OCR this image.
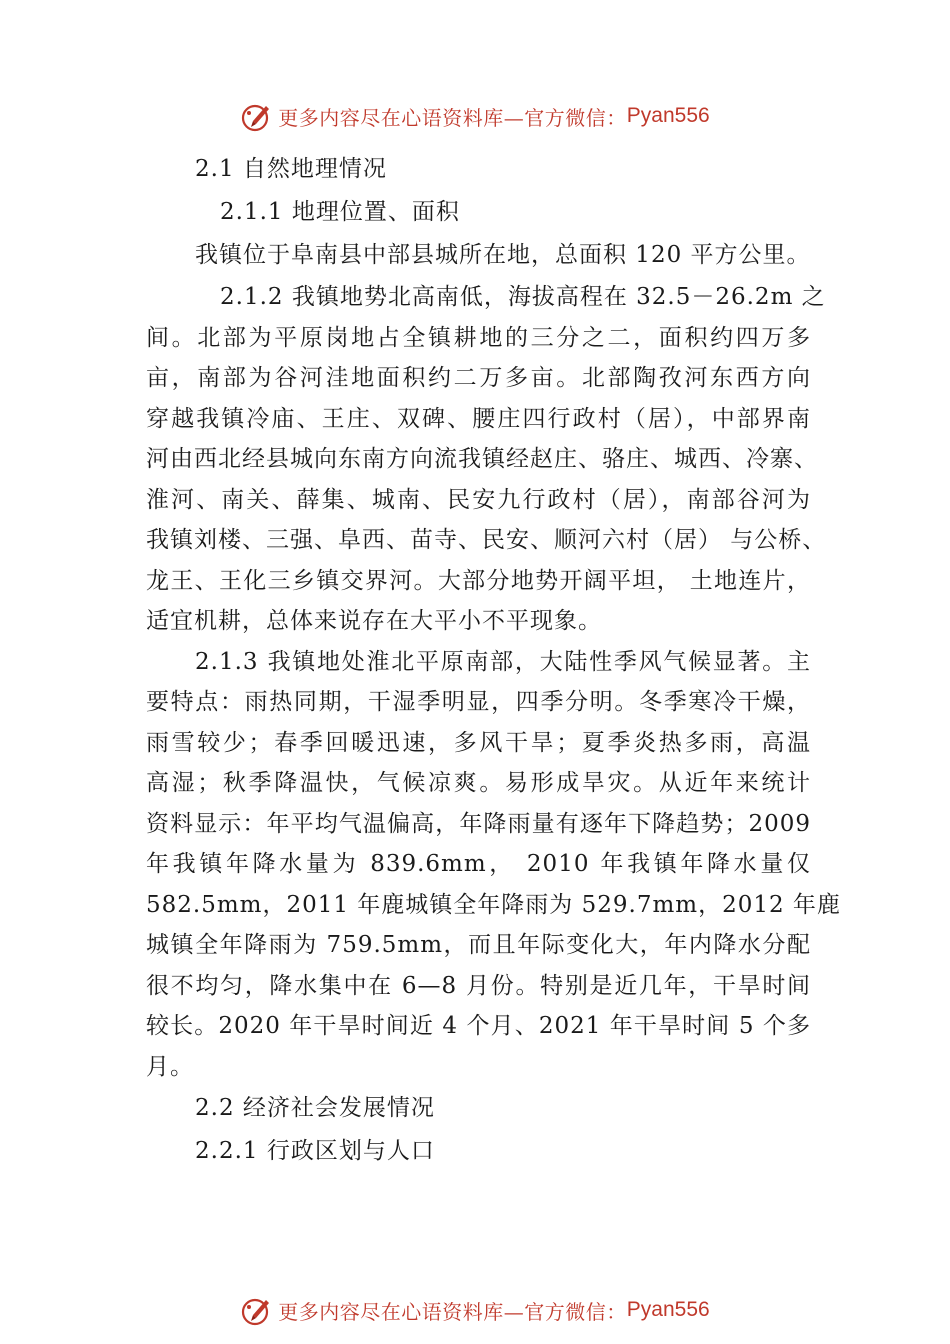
更多内容尽在心语资料库—官方微信： Pyan556
2.1 自然地理情况
2.1.1 地理位置、面积
我镇位于阜南县中部县城所在地，总面积 120 平方公里。
2.1.2 我镇地势北高南低，海拔高程在 32.5－26.2m 之
间。北部为平原岗地占全镇耕地的三分之二，面积约四万多
亩，南部为谷河洼地面积约二万多亩。北部陶孜河东西方向
穿越我镇冷庙、王庄、双碑、腰庄四行政村（居），中部界南
河由西北经县城向东南方向流我镇经赵庄、骆庄、城西、冷寨、
淮河、南关、薛集、城南、民安九行政村（居），南部谷河为
我镇刘楼、三强、阜西、苗寺、民安、顺河六村（居） 与公桥、
龙王、王化三乡镇交界河。大部分地势开阔平坦， 土地连片，
适宜机耕，总体来说存在大平小不平现象。
2.1.3 我镇地处淮北平原南部，大陆性季风气候显著。主
要特点：雨热同期，干湿季明显，四季分明。冬季寒冷干燥，
雨雪较少；春季回暖迅速，多风干旱；夏季炎热多雨，高温
高湿；秋季降温快，气候凉爽。易形成旱灾。从近年来统计
资料显示：年平均气温偏高，年降雨量有逐年下降趋势；2009
年我镇年降水量为 839.6mm， 2010 年我镇年降水量仅
582.5mm，2011 年鹿城镇全年降雨为 529.7mm，2012 年鹿
城镇全年降雨为 759.5mm，而且年际变化大，年内降水分配
很不均匀，降水集中在 6—8 月份。特别是近几年，干旱时间
较长。2020 年干旱时间近 4 个月、2021 年干旱时间 5 个多
月。
2.2 经济社会发展情况
2.2.1 行政区划与人口
更多内容尽在心语资料库—官方微信： Pyan556
